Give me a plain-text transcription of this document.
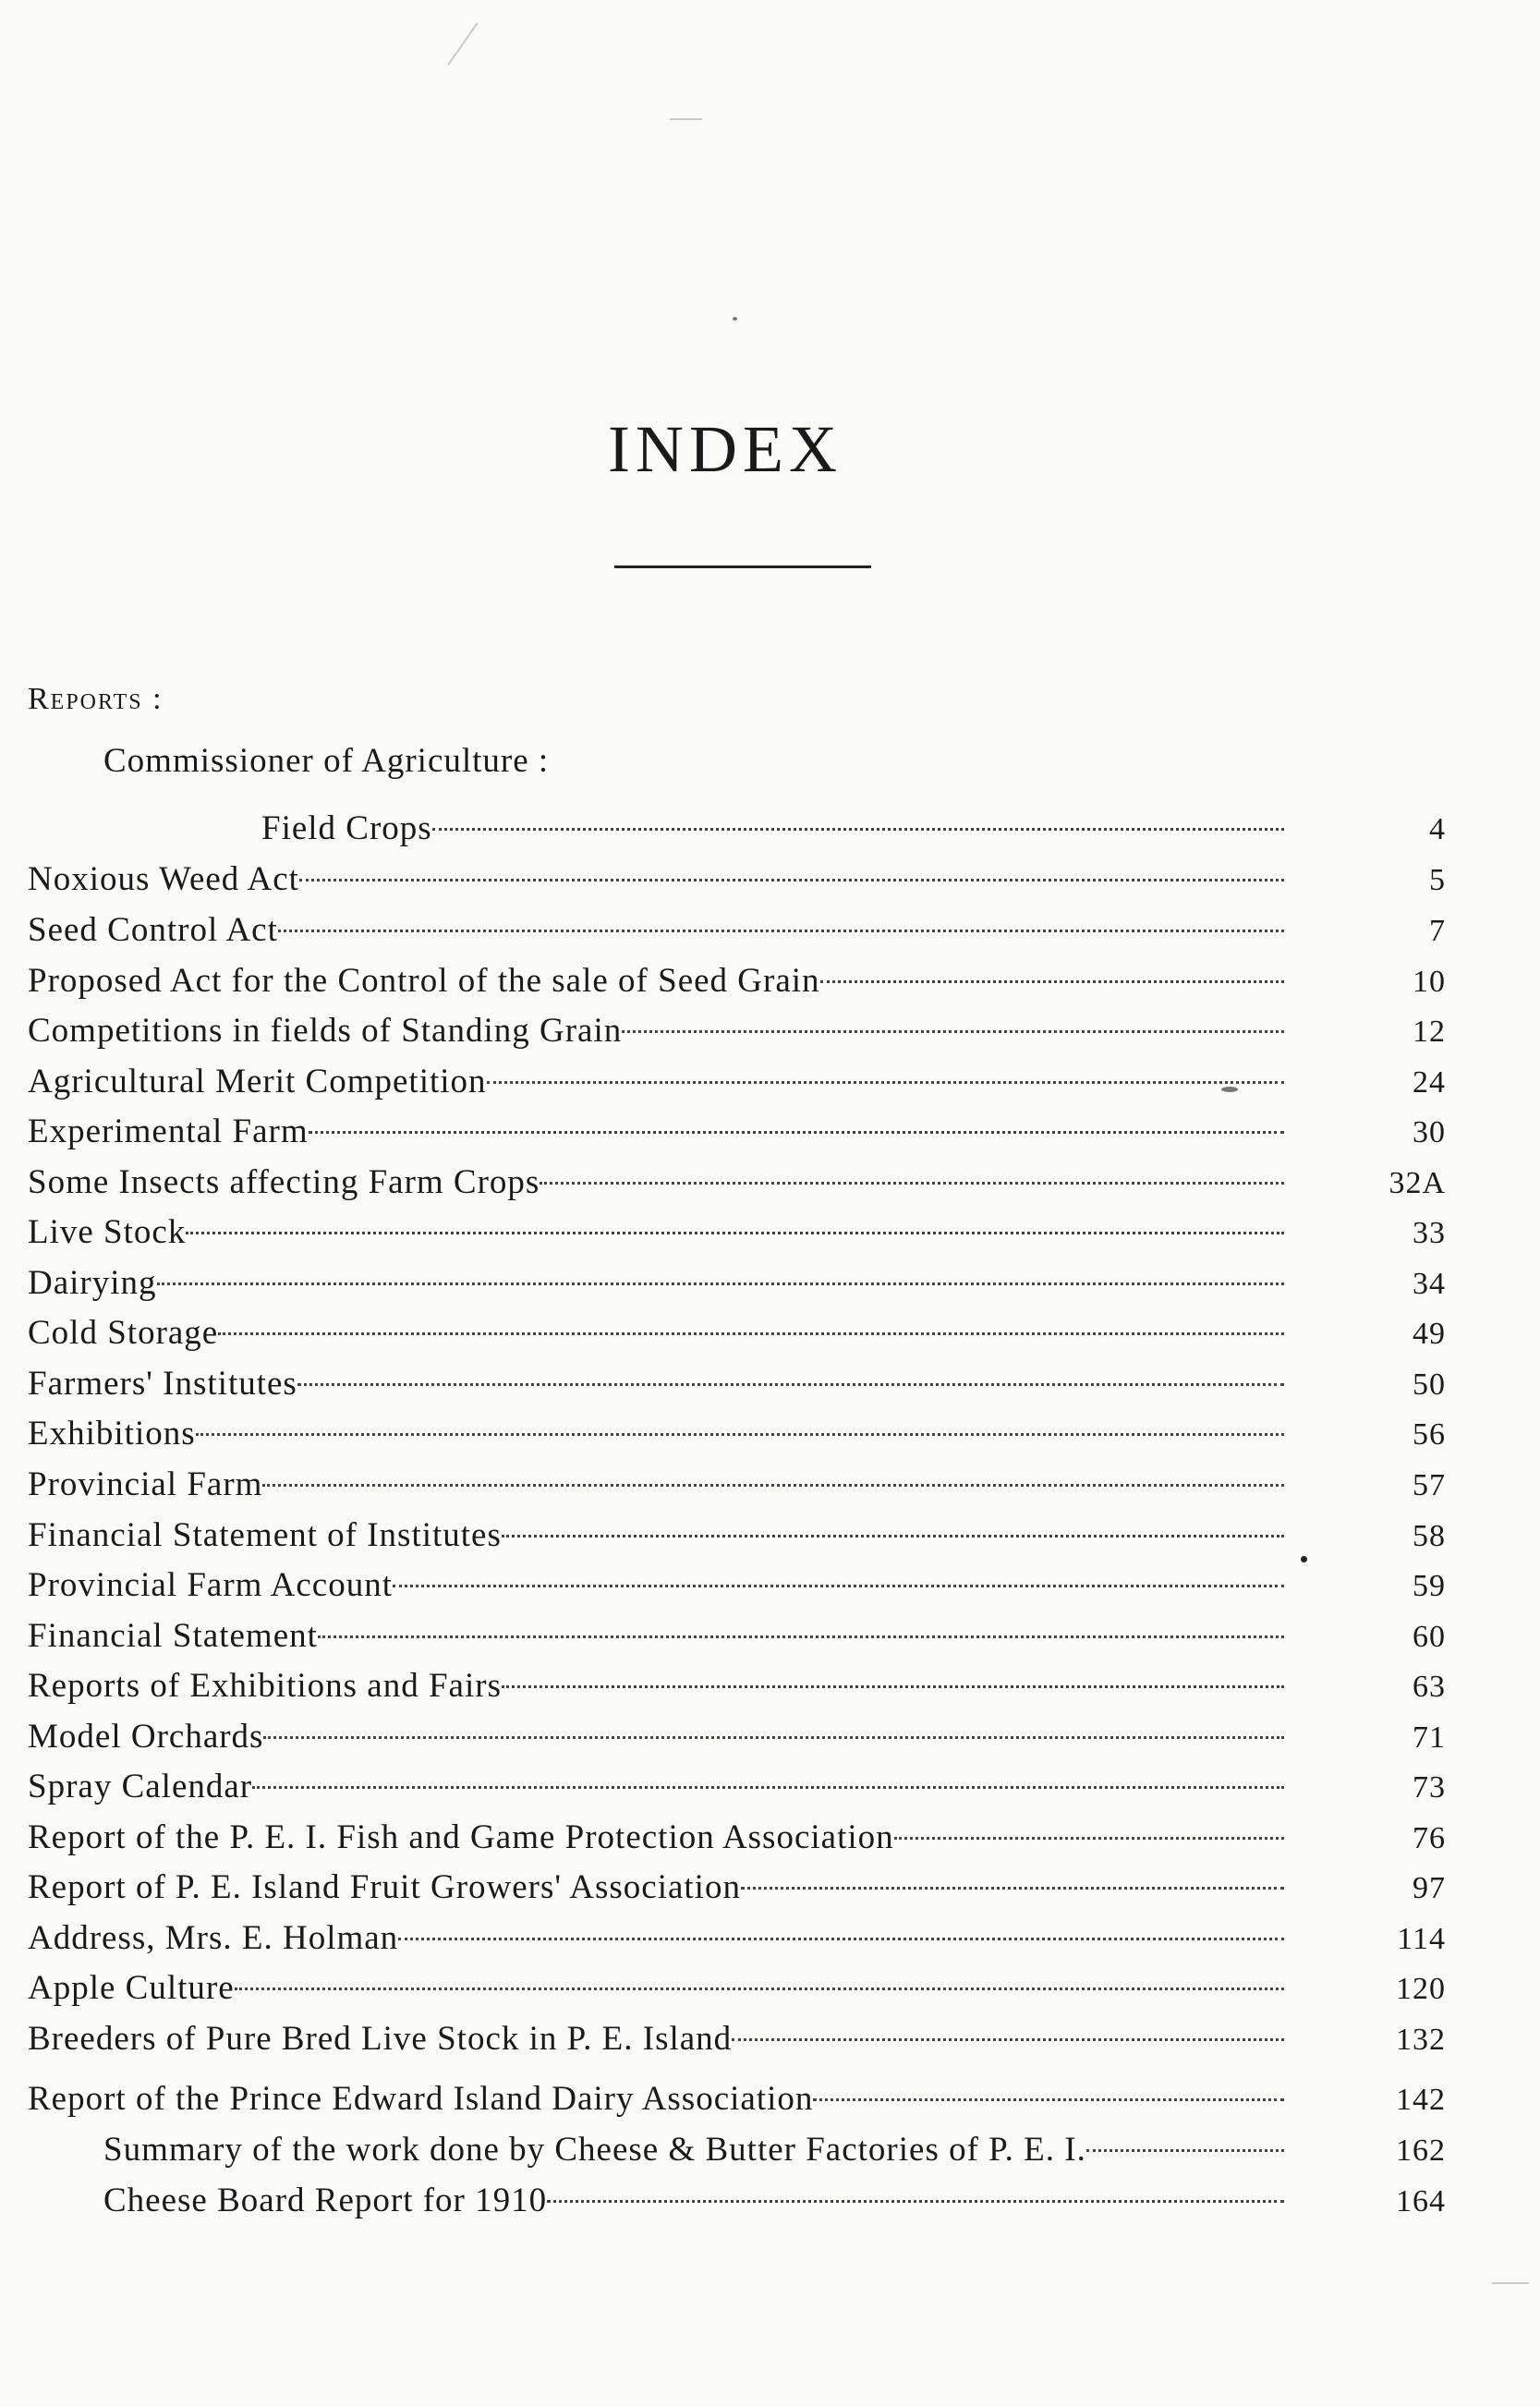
INDEX
Reports :
Commissioner of Agriculture :
Field Crops	4
Noxious Weed Act	5
Seed Control Act	7
Proposed Act for the Control of the sale of Seed Grain	10
Competitions in fields of Standing Grain	12
Agricultural Merit Competition	24
Experimental Farm	30
Some Insects affecting Farm Crops	32A
Live Stock	33
Dairying	34
Cold Storage	49
Farmers' Institutes	50
Exhibitions	56
Provincial Farm	57
Financial Statement of Institutes	58
Provincial Farm Account	59
Financial Statement	60
Reports of Exhibitions and Fairs	63
Model Orchards	71
Spray Calendar	73
Report of the P. E. I. Fish and Game Protection Association	76
Report of P. E. Island Fruit Growers' Association	97
Address, Mrs. E. Holman	114
Apple Culture	120
Breeders of Pure Bred Live Stock in P. E. Island	132
Report of the Prince Edward Island Dairy Association	142
Summary of the work done by Cheese & Butter Factories of P. E. I.	162
Cheese Board Report for 1910	164
